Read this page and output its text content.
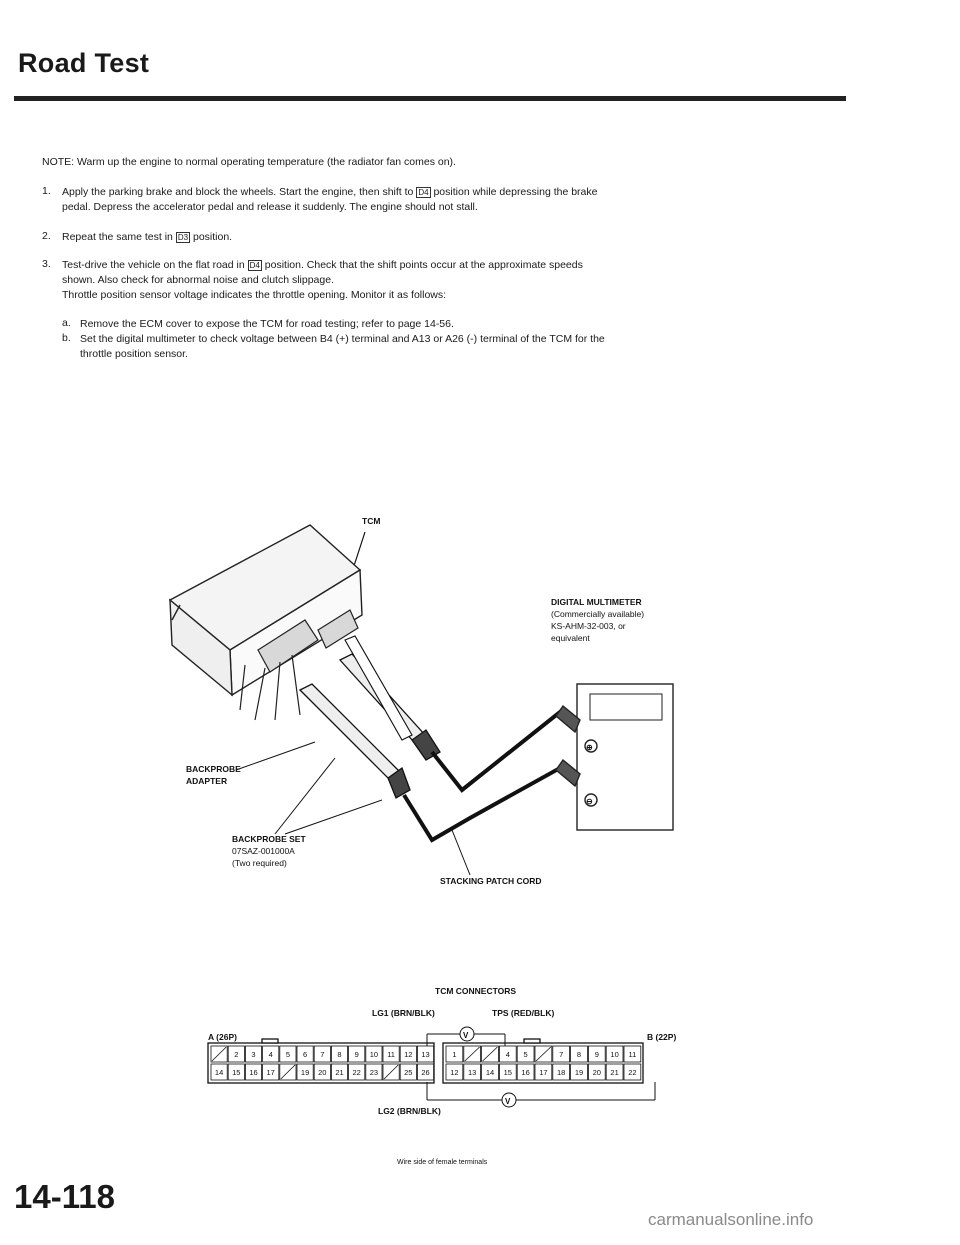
Road Test
NOTE: Warm up the engine to normal operating temperature (the radiator fan comes on).
1. Apply the parking brake and block the wheels. Start the engine, then shift to D4 position while depressing the brake
pedal. Depress the accelerator pedal and release it suddenly. The engine should not stall.
2. Repeat the same test in D3 position.
3. Test-drive the vehicle on the flat road in D4 position. Check that the shift points occur at the approximate speeds
shown. Also check for abnormal noise and clutch slippage.
Throttle position sensor voltage indicates the throttle opening. Monitor it as follows:
a. Remove the ECM cover to expose the TCM for road testing; refer to page 14-56.
b. Set the digital multimeter to check voltage between B4 (+) terminal and A13 or A26 (-) terminal of the TCM for the
throttle position sensor.
TCM
⊕
⊖
DIGITAL MULTIMETER
(Commercially available)
KS-AHM-32-003, or
equivalent
BACKPROBE
ADAPTER
BACKPROBE SET
07SAZ-001000A
(Two required)
STACKING PATCH CORD
TCM CONNECTORS
LG1 (BRN/BLK)	TPS (RED/BLK)
A (26P)	B (22P)
V
V
LG2 (BRN/BLK)
2 3 4 5 6 7 8 9 10 11 12 13
14 15 16 17	19 20 21 22 23	25 26
1	4 5	7 8 9 10 11
12 13 14 15 16 17 18 19 20 21 22
Wire side of female terminals
14-118
carmanualsonline.info
